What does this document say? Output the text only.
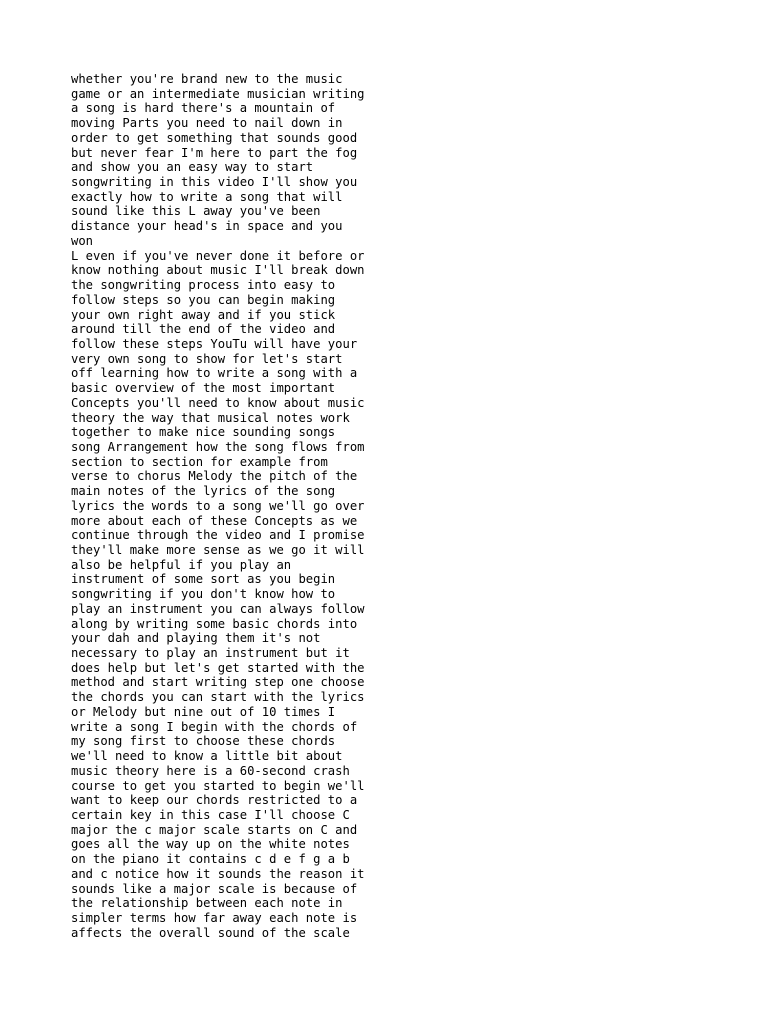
whether you're brand new to the music
game or an intermediate musician writing
a song is hard there's a mountain of
moving Parts you need to nail down in
order to get something that sounds good
but never fear I'm here to part the fog
and show you an easy way to start
songwriting in this video I'll show you
exactly how to write a song that will
sound like this L away you've been
distance your head's in space and you
won
L even if you've never done it before or
know nothing about music I'll break down
the songwriting process into easy to
follow steps so you can begin making
your own right away and if you stick
around till the end of the video and
follow these steps YouTu will have your
very own song to show for let's start
off learning how to write a song with a
basic overview of the most important
Concepts you'll need to know about music
theory the way that musical notes work
together to make nice sounding songs
song Arrangement how the song flows from
section to section for example from
verse to chorus Melody the pitch of the
main notes of the lyrics of the song
lyrics the words to a song we'll go over
more about each of these Concepts as we
continue through the video and I promise
they'll make more sense as we go it will
also be helpful if you play an
instrument of some sort as you begin
songwriting if you don't know how to
play an instrument you can always follow
along by writing some basic chords into
your dah and playing them it's not
necessary to play an instrument but it
does help but let's get started with the
method and start writing step one choose
the chords you can start with the lyrics
or Melody but nine out of 10 times I
write a song I begin with the chords of
my song first to choose these chords
we'll need to know a little bit about
music theory here is a 60-second crash
course to get you started to begin we'll
want to keep our chords restricted to a
certain key in this case I'll choose C
major the c major scale starts on C and
goes all the way up on the white notes
on the piano it contains c d e f g a b
and c notice how it sounds the reason it
sounds like a major scale is because of
the relationship between each note in
simpler terms how far away each note is
affects the overall sound of the scale
